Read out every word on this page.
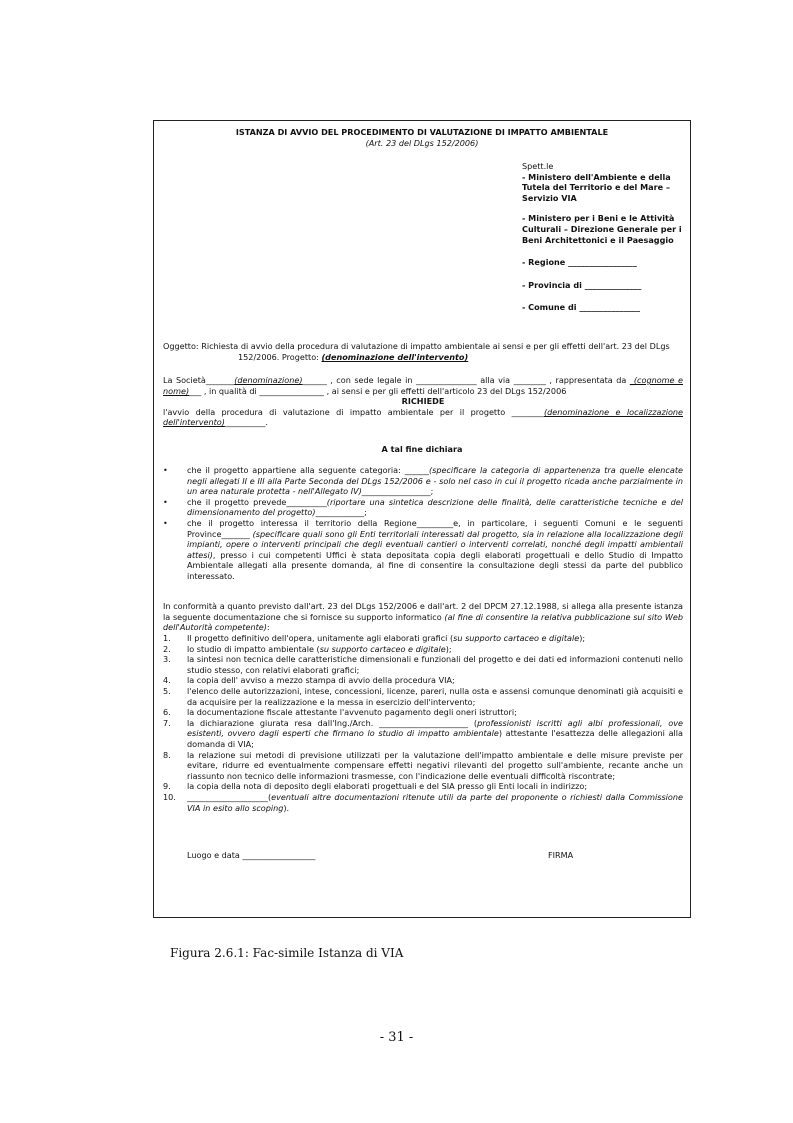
ISTANZA DI AVVIO DEL PROCEDIMENTO DI VALUTAZIONE DI IMPATTO AMBIENTALE
(Art. 23 del DLgs 152/2006)
Spett.le
- Ministero dell'Ambiente e della Tutela del Territorio e del Mare – Servizio VIA
- Ministero per i Beni e le Attività Culturali – Direzione Generale per i Beni Architettonici e il Paesaggio
- Regione _________________
- Provincia di ______________
- Comune di _______________
Oggetto: Richiesta di avvio della procedura di valutazione di impatto ambientale ai sensi e per gli effetti dell'art. 23 del DLgs
152/2006. Progetto: (denominazione dell'intervento)
La Società_______(denominazione)______ , con sede legale in _______________ alla via ________ , rappresentata da _(cognome e nome)___ , in qualità di ________________ , ai sensi e per gli effetti dell'articolo 23 del DLgs 152/2006
RICHIEDE
l'avvio della procedura di valutazione di impatto ambientale per il progetto ________(denominazione e localizzazione dell'intervento)__________.
A tal fine dichiara
• che il progetto appartiene alla seguente categoria: ______(specificare la categoria di appartenenza tra quelle elencate negli allegati II e III alla Parte Seconda del DLgs 152/2006 e - solo nel caso in cui il progetto ricada anche parzialmente in un area naturale protetta - nell'Allegato IV)_________________;
• che il progetto prevede__________(riportare una sintetica descrizione delle finalità, delle caratteristiche tecniche e del dimensionamento del progetto)____________;
• che il progetto interessa il territorio della Regione_________e, in particolare, i seguenti Comuni e le seguenti Province_______ (specificare quali sono gli Enti territoriali interessati dal progetto, sia in relazione alla localizzazione degli impianti, opere o interventi principali che degli eventuali cantieri o interventi correlati, nonché degli impatti ambientali attesi), presso i cui competenti Uffici è stata depositata copia degli elaborati progettuali e dello Studio di Impatto Ambientale allegati alla presente domanda, al fine di consentire la consultazione degli stessi da parte del pubblico interessato.
In conformità a quanto previsto dall'art. 23 del DLgs 152/2006 e dall'art. 2 del DPCM 27.12.1988, si allega alla presente istanza la seguente documentazione che si fornisce su supporto informatico (al fine di consentire la relativa pubblicazione sul sito Web dell'Autorità competente):
1. Il progetto definitivo dell'opera, unitamente agli elaborati grafici (su supporto cartaceo e digitale);
2. lo studio di impatto ambientale (su supporto cartaceo e digitale);
3. la sintesi non tecnica delle caratteristiche dimensionali e funzionali del progetto e dei dati ed informazioni contenuti nello studio stesso, con relativi elaborati grafici;
4. la copia dell' avviso a mezzo stampa di avvio della procedura VIA;
5. l'elenco delle autorizzazioni, intese, concessioni, licenze, pareri, nulla osta e assensi comunque denominati già acquisiti e da acquisire per la realizzazione e la messa in esercizio dell'intervento;
6. la documentazione fiscale attestante l'avvenuto pagamento degli oneri istruttori;
7. la dichiarazione giurata resa dall'Ing./Arch. ______________________ (professionisti iscritti agli albi professionali, ove esistenti, ovvero dagli esperti che firmano lo studio di impatto ambientale) attestante l'esattezza delle allegazioni alla domanda di VIA;
8. la relazione sui metodi di previsione utilizzati per la valutazione dell'impatto ambientale e delle misure previste per evitare, ridurre ed eventualmente compensare effetti negativi rilevanti del progetto sull'ambiente, recante anche un riassunto non tecnico delle informazioni trasmesse, con l'indicazione delle eventuali difficoltà riscontrate;
9. la copia della nota di deposito degli elaborati progettuali e del SIA presso gli Enti locali in indirizzo;
10. ____________________(eventuali altre documentazioni ritenute utili da parte del proponente o richiesti dalla Commissione VIA in esito allo scoping).
Luogo e data __________________	FIRMA
Figura 2.6.1: Fac-simile Istanza di VIA
- 31 -
